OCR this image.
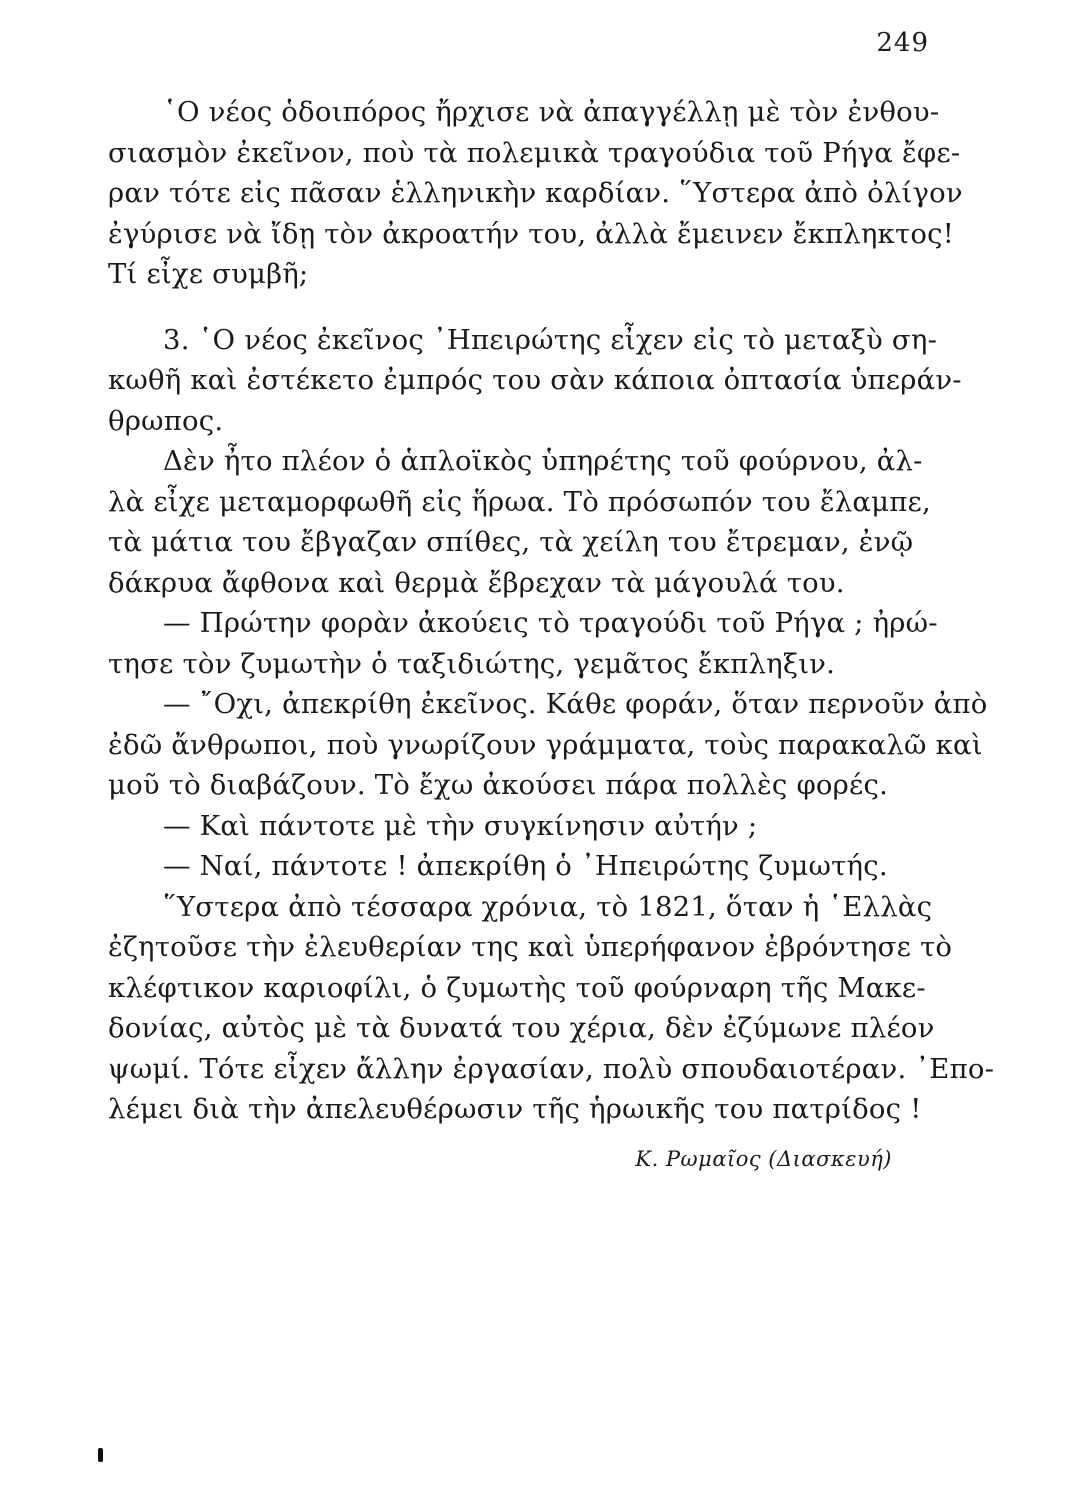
249
῾Ο νέος ὁδοιπόρος ἤρχισε νὰ ἀπαγγέλλῃ μὲ τὸν ἐνθου-
σιασμὸν ἐκεῖνον, ποὺ τὰ πολεμικὰ τραγούδια τοῦ Ρήγα ἔφε-
ραν τότε εἰς πᾶσαν ἑλληνικὴν καρδίαν. ῞Υστερα ἀπὸ ὀλίγον
ἐγύρισε νὰ ἴδῃ τὸν ἀκροατήν του, ἀλλὰ ἔμεινεν ἔκπληκτος!
Τί εἶχε συμβῆ;
3. ῾Ο νέος ἐκεῖνος ᾿Ηπειρώτης εἶχεν εἰς τὸ μεταξὺ ση-
κωθῆ καὶ ἐστέκετο ἐμπρός του σὰν κάποια ὀπτασία ὑπεράν-
θρωπος.
Δὲν ἦτο πλέον ὁ ἁπλοϊκὸς ὑπηρέτης τοῦ φούρνου, ἀλ-
λὰ εἶχε μεταμορφωθῆ εἰς ἥρωα. Τὸ πρόσωπόν του ἔλαμπε,
τὰ μάτια του ἔβγαζαν σπίθες, τὰ χείλη του ἔτρεμαν, ἐνῷ
δάκρυα ἄφθονα καὶ θερμὰ ἔβρεχαν τὰ μάγουλά του.
— Πρώτην φορὰν ἀκούεις τὸ τραγούδι τοῦ Ρήγα ; ἠρώ-
τησε τὸν ζυμωτὴν ὁ ταξιδιώτης, γεμᾶτος ἔκπληξιν.
— ῎Οχι, ἀπεκρίθη ἐκεῖνος. Κάθε φοράν, ὅταν περνοῦν ἀπὸ
ἐδῶ ἄνθρωποι, ποὺ γνωρίζουν γράμματα, τοὺς παρακαλῶ καὶ
μοῦ τὸ διαβάζουν. Τὸ ἔχω ἀκούσει πάρα πολλὲς φορές.
— Καὶ πάντοτε μὲ τὴν συγκίνησιν αὐτήν ;
— Ναί, πάντοτε ! ἀπεκρίθη ὁ ᾿Ηπειρώτης ζυμωτής.
῞Υστερα ἀπὸ τέσσαρα χρόνια, τὸ 1821, ὅταν ἡ ῾Ελλὰς
ἐζητοῦσε τὴν ἐλευθερίαν της καὶ ὑπερήφανον ἐβρόντησε τὸ
κλέφτικον καριοφίλι, ὁ ζυμωτὴς τοῦ φούρναρη τῆς Μακε-
δονίας, αὐτὸς μὲ τὰ δυνατά του χέρια, δὲν ἐζύμωνε πλέον
ψωμί. Τότε εἶχεν ἄλλην ἐργασίαν, πολὺ σπουδαιοτέραν. ᾿Επο-
λέμει διὰ τὴν ἀπελευθέρωσιν τῆς ἡρωικῆς του πατρίδος !
Κ. Ρωμαῖος (Διασκευή)
